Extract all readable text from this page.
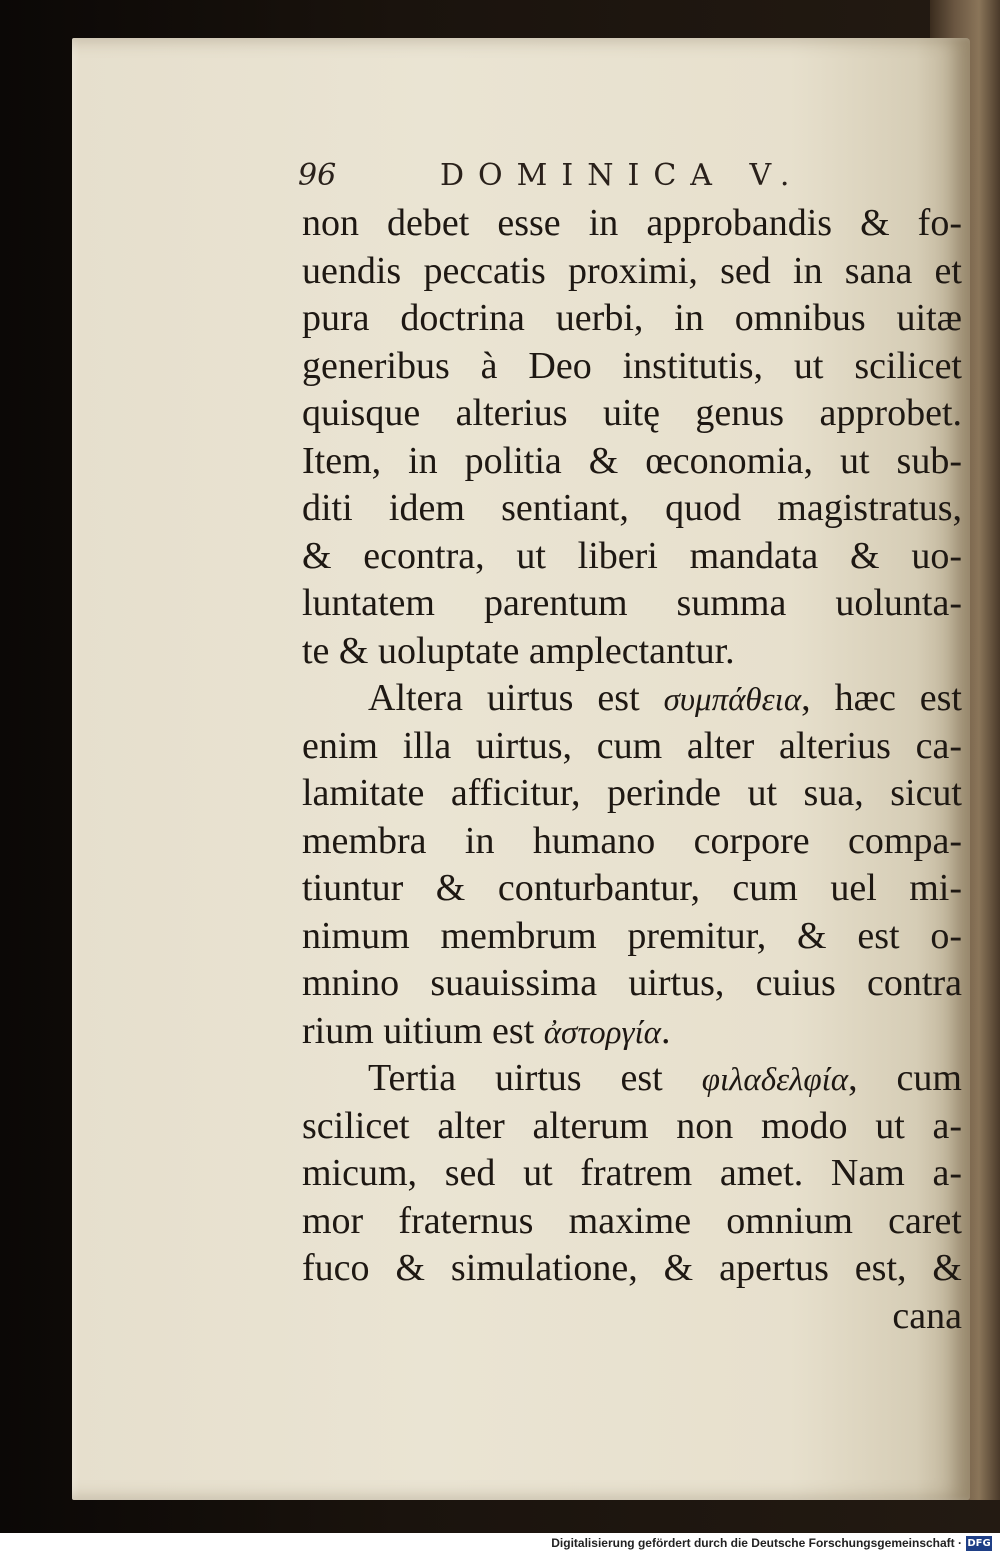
96	DOMINICA V.
non debet esse in approbandis & fo-
uendis peccatis proximi, sed in sana et
pura doctrina uerbi, in omnibus uitæ
generibus à Deo institutis, ut scilicet
quisque alterius uitę genus approbet.
Item, in politia & œconomia, ut sub-
diti idem sentiant, quod magistratus,
& econtra, ut liberi mandata & uo-
luntatem parentum summa uolunta-
te & uoluptate amplectantur.
Altera uirtus est συμπάθεια, hæc est
enim illa uirtus, cum alter alterius ca-
lamitate afficitur, perinde ut sua, sicut
membra in humano corpore compa-
tiuntur & conturbantur, cum uel mi-
nimum membrum premitur, & est o-
mnino suauissima uirtus, cuius contra
rium uitium est ἀστοργία.
Tertia uirtus est φιλαδελφία, cum
scilicet alter alterum non modo ut a-
micum, sed ut fratrem amet. Nam a-
mor fraternus maxime omnium caret
fuco & simulatione, & apertus est, &
cana
Digitalisierung gefördert durch die Deutsche Forschungsgemeinschaft · DFG
